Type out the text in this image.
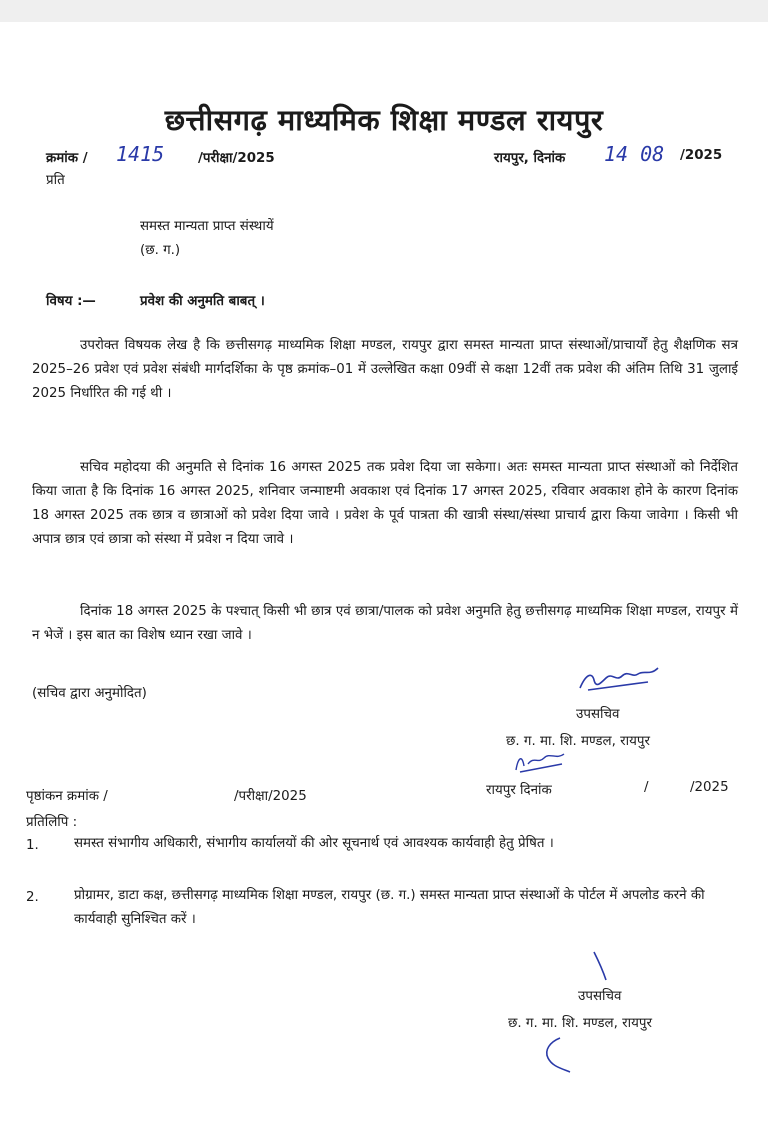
छत्तीसगढ़ माध्यमिक शिक्षा मण्डल रायपुर
क्रमांक / 1415	/परीक्षा/2025
प्रति
रायपुर, दिनांक 14 08 /2025
समस्त मान्यता प्राप्त संस्थायें
(छ. ग.)
विषय :—	प्रवेश की अनुमति बाबत् ।
उपरोक्त विषयक लेख है कि छत्तीसगढ़ माध्यमिक शिक्षा मण्डल, रायपुर द्वारा समस्त मान्यता प्राप्त संस्थाओं/प्राचार्यों हेतु शैक्षणिक सत्र 2025–26 प्रवेश एवं प्रवेश संबंधी मार्गदर्शिका के पृष्ठ क्रमांक–01 में उल्लेखित कक्षा 09वीं से कक्षा 12वीं तक प्रवेश की अंतिम तिथि 31 जुलाई 2025 निर्धारित की गई थी ।
सचिव महोदया की अनुमति से दिनांक 16 अगस्त 2025 तक प्रवेश दिया जा सकेगा। अतः समस्त मान्यता प्राप्त संस्थाओं को निर्देशित किया जाता है कि दिनांक 16 अगस्त 2025, शनिवार जन्माष्टमी अवकाश एवं दिनांक 17 अगस्त 2025, रविवार अवकाश होने के कारण दिनांक 18 अगस्त 2025 तक छात्र व छात्राओं को प्रवेश दिया जावे । प्रवेश के पूर्व पात्रता की खात्री संस्था/संस्था प्राचार्य द्वारा किया जावेगा । किसी भी अपात्र छात्र एवं छात्रा को संस्था में प्रवेश न दिया जावे ।
दिनांक 18 अगस्त 2025 के पश्चात् किसी भी छात्र एवं छात्रा/पालक को प्रवेश अनुमति हेतु छत्तीसगढ़ माध्यमिक शिक्षा मण्डल, रायपुर में न भेजें । इस बात का विशेष ध्यान रखा जावे ।
(सचिव द्वारा अनुमोदित)
उपसचिव
छ. ग. मा. शि. मण्डल, रायपुर
पृष्ठांकन क्रमांक /	/परीक्षा/2025	रायपुर दिनांक	/	/2025
प्रतिलिपि :
1.	समस्त संभागीय अधिकारी, संभागीय कार्यालयों की ओर सूचनार्थ एवं आवश्यक कार्यवाही हेतु प्रेषित ।
2.	प्रोग्रामर, डाटा कक्ष, छत्तीसगढ़ माध्यमिक शिक्षा मण्डल, रायपुर (छ. ग.) समस्त मान्यता प्राप्त संस्थाओं के पोर्टल में अपलोड करने की कार्यवाही सुनिश्चित करें ।
उपसचिव
छ. ग. मा. शि. मण्डल, रायपुर
